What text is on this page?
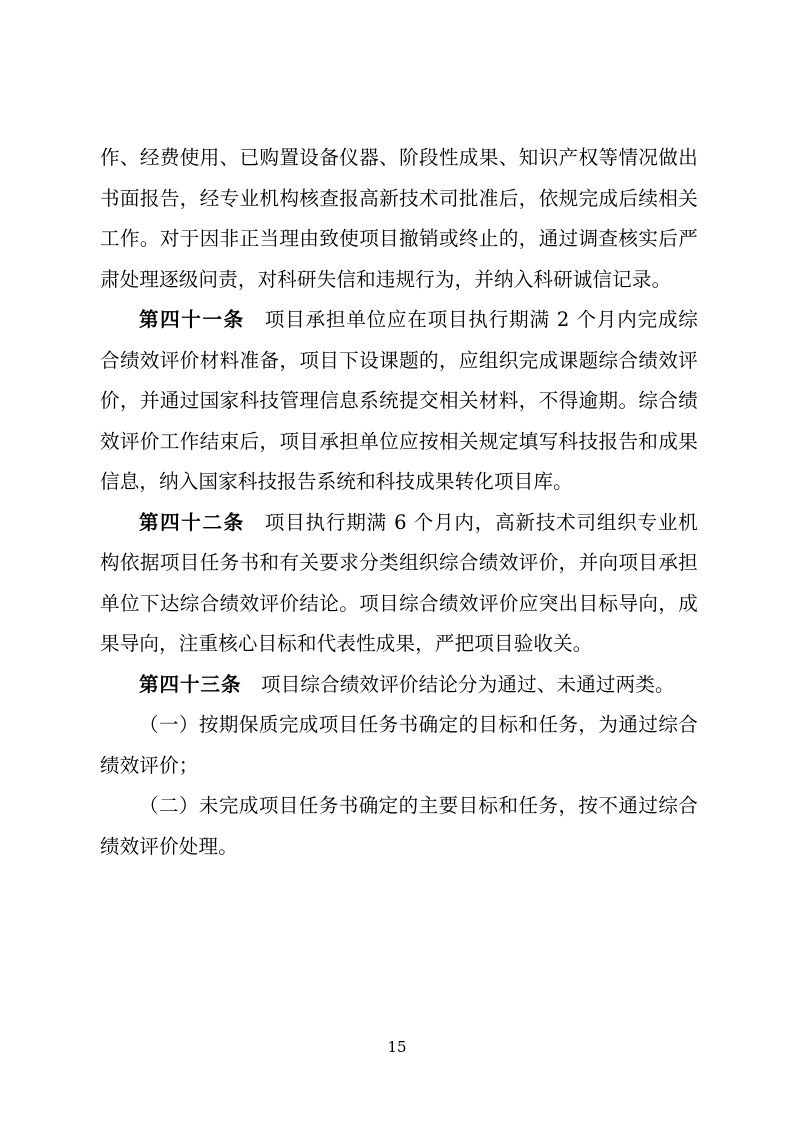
作、经费使用、已购置设备仪器、阶段性成果、知识产权等情况做出书面报告，经专业机构核查报高新技术司批准后，依规完成后续相关工作。对于因非正当理由致使项目撤销或终止的，通过调查核实后严肃处理逐级问责，对科研失信和违规行为，并纳入科研诚信记录。

第四十一条 项目承担单位应在项目执行期满 2 个月内完成综合绩效评价材料准备，项目下设课题的，应组织完成课题综合绩效评价，并通过国家科技管理信息系统提交相关材料，不得逾期。综合绩效评价工作结束后，项目承担单位应按相关规定填写科技报告和成果信息，纳入国家科技报告系统和科技成果转化项目库。

第四十二条 项目执行期满 6 个月内，高新技术司组织专业机构依据项目任务书和有关要求分类组织综合绩效评价，并向项目承担单位下达综合绩效评价结论。项目综合绩效评价应突出目标导向，成果导向，注重核心目标和代表性成果，严把项目验收关。

第四十三条 项目综合绩效评价结论分为通过、未通过两类。

（一）按期保质完成项目任务书确定的目标和任务，为通过综合绩效评价；

（二）未完成项目任务书确定的主要目标和任务，按不通过综合绩效评价处理。

15
